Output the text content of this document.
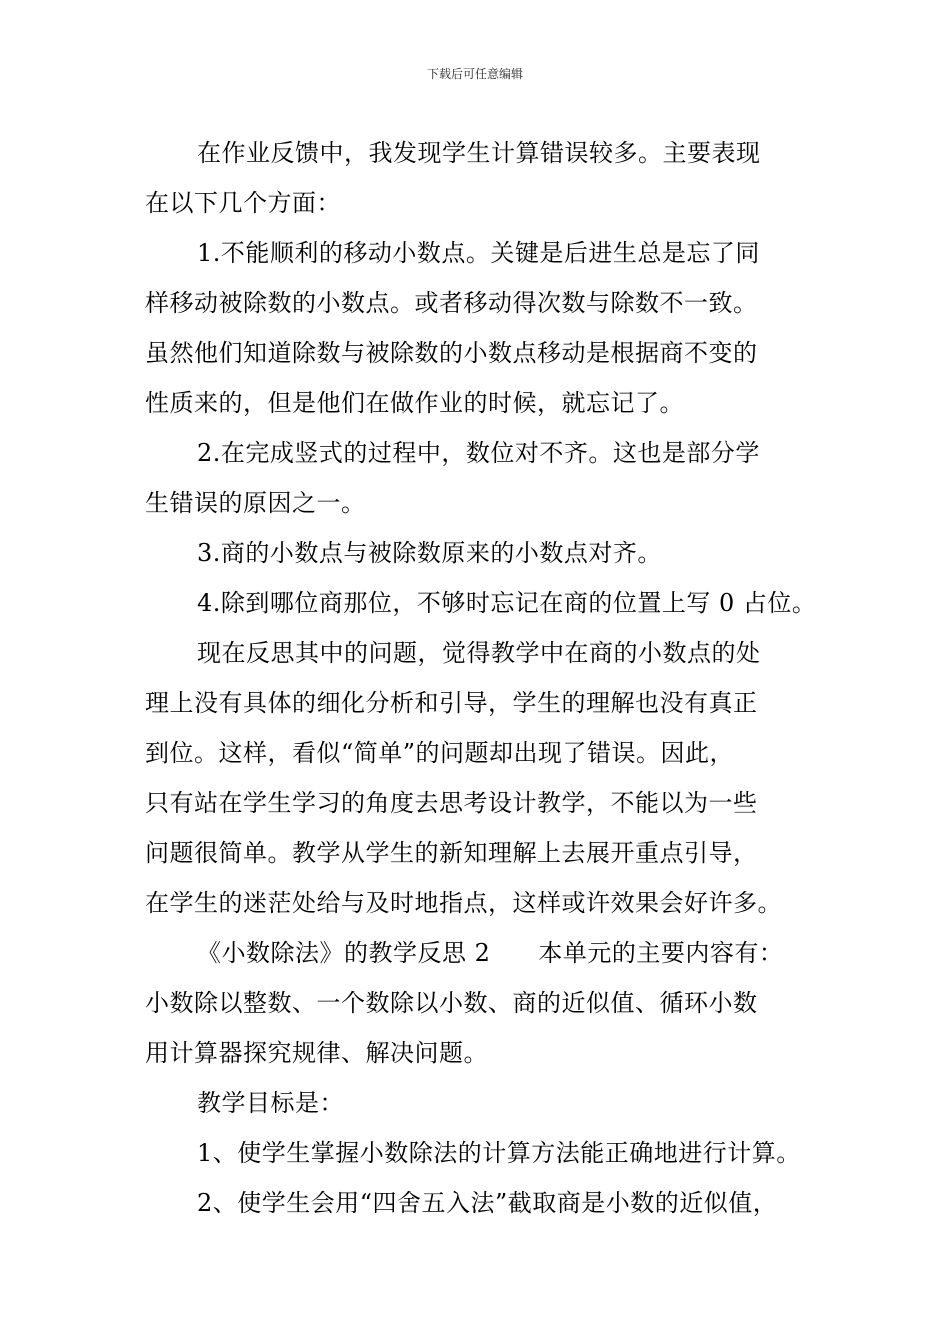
下载后可任意编辑
在作业反馈中，我发现学生计算错误较多。主要表现
在以下几个方面：
1.不能顺利的移动小数点。关键是后进生总是忘了同
样移动被除数的小数点。或者移动得次数与除数不一致。
虽然他们知道除数与被除数的小数点移动是根据商不变的
性质来的，但是他们在做作业的时候，就忘记了。
2.在完成竖式的过程中，数位对不齐。这也是部分学
生错误的原因之一。
3.商的小数点与被除数原来的小数点对齐。
4.除到哪位商那位，不够时忘记在商的位置上写 0 占位。
现在反思其中的问题，觉得教学中在商的小数点的处
理上没有具体的细化分析和引导，学生的理解也没有真正
到位。这样，看似“简单”的问题却出现了错误。因此，
只有站在学生学习的角度去思考设计教学，不能以为一些
问题很简单。教学从学生的新知理解上去展开重点引导，
在学生的迷茫处给与及时地指点，这样或许效果会好许多。
《小数除法》的教学反思 2 本单元的主要内容有：
小数除以整数、一个数除以小数、商的近似值、循环小数
用计算器探究规律、解决问题。
教学目标是：
1、使学生掌握小数除法的计算方法能正确地进行计算。
2、使学生会用“四舍五入法”截取商是小数的近似值，
